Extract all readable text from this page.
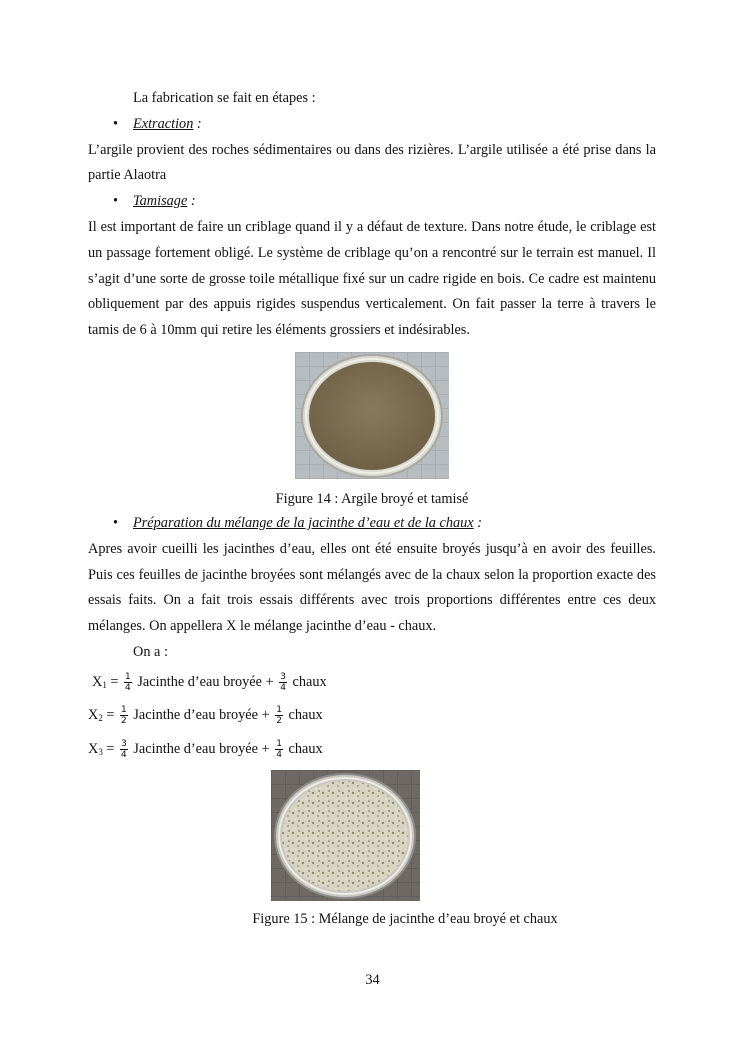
La fabrication se fait en étapes :

• Extraction :

L’argile provient des roches sédimentaires ou dans des rizières. L’argile utilisée a été prise dans la partie Alaotra

• Tamisage :

Il est important de faire un criblage quand il y a défaut de texture. Dans notre étude, le criblage est un passage fortement obligé. Le système de criblage qu’on a rencontré sur le terrain est manuel. Il s’agit d’une sorte de grosse toile métallique fixé sur un cadre rigide en bois. Ce cadre est maintenu obliquement par des appuis rigides suspendus verticalement. On fait passer la terre à travers le tamis de 6 à 10mm qui retire les éléments grossiers et indésirables.

Figure 14 : Argile broyé et tamisé
• Préparation du mélange de la jacinthe d’eau et de la chaux :

Apres avoir cueilli les jacinthes d’eau, elles ont été ensuite broyés jusqu’à en avoir des feuilles. Puis ces feuilles de jacinthe broyées sont mélangés avec de la chaux selon la proportion exacte des essais faits. On a fait trois essais différents avec trois proportions différentes entre ces deux mélanges. On appellera X le mélange jacinthe d’eau - chaux.

On a :

$X1 = \frac{1}{4}$ Jacinthe d’eau broyée + $\frac{3}{4}$ chaux
$X2 = \frac{1}{2}$ Jacinthe d’eau broyée + $\frac{1}{2}$ chaux
$X3 = \frac{3}{4}$ Jacinthe d’eau broyée + $\frac{1}{4}$ chaux
Figure 15 : Mélange de jacinthe d’eau broyé et chaux
34
